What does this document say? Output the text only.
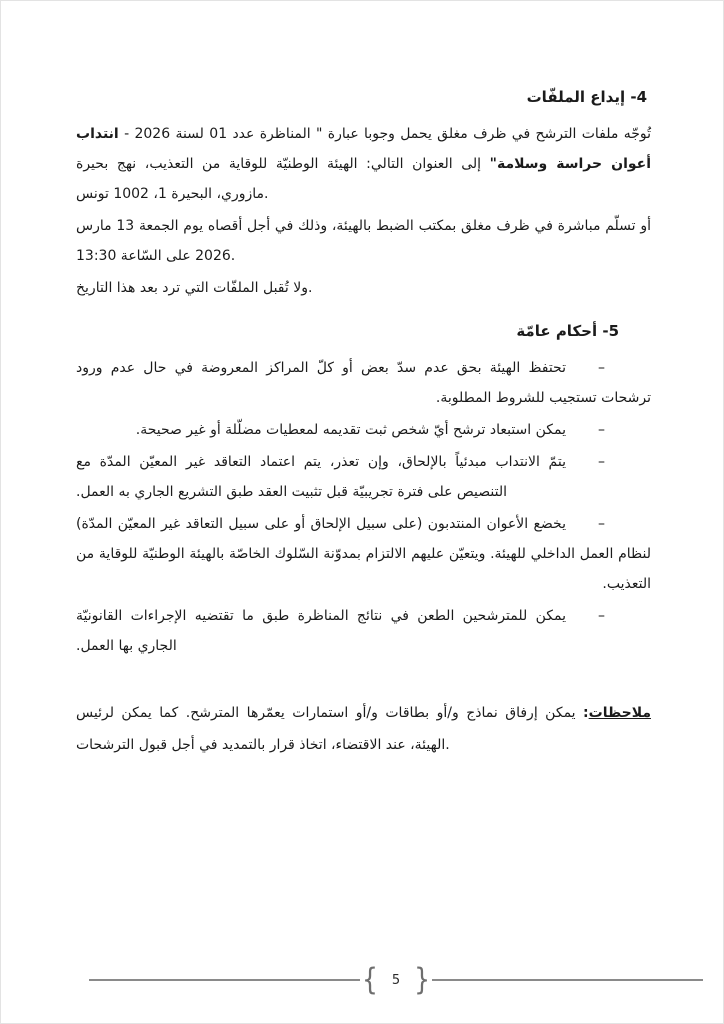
4- إيداع الملفّات

تُوجّه ملفات الترشح في ظرف مغلق يحمل وجوبا عبارة " المناظرة عدد 01 لسنة 2026 - انتداب أعوان حراسة وسلامة" إلى العنوان التالي: الهيئة الوطنيّة للوقاية من التعذيب، نهج بحيرة مازوري، البحيرة 1، 1002 تونس.

أو تسلّم مباشرة في ظرف مغلق بمكتب الضبط بالهيئة، وذلك في أجل أقصاه يوم الجمعة 13 مارس 2026 على السّاعة 13:30.

ولا تُقبل الملفّات التي ترد بعد هذا التاريخ.

5- أحكام عامّة

–تحتفظ الهيئة بحق عدم سدّ بعض أو كلّ المراكز المعروضة في حال عدم ورود ترشحات تستجيب للشروط المطلوبة.

–يمكن استبعاد ترشح أيّ شخص ثبت تقديمه لمعطيات مضلّلة أو غير صحيحة.

–يتمّ الانتداب مبدئياً بالإلحاق، وإن تعذر، يتم اعتماد التعاقد غير المعيّن المدّة مع التنصيص على فترة تجريبيّة قبل تثبيت العقد طبق التشريع الجاري به العمل.

–يخضع الأعوان المنتدبون (على سبيل الإلحاق أو على سبيل التعاقد غير المعيّن المدّة) لنظام العمل الداخلي للهيئة. ويتعيّن عليهم الالتزام بمدوّنة السّلوك الخاصّة بالهيئة الوطنيّة للوقاية من التعذيب.

–يمكن للمترشحين الطعن في نتائج المناظرة طبق ما تقتضيه الإجراءات القانونيّة الجاري بها العمل.

ملاحظات: يمكن إرفاق نماذج و/أو بطاقات و/أو استمارات يعمّرها المترشح. كما يمكن لرئيس الهيئة، عند الاقتضاء، اتخاذ قرار بالتمديد في أجل قبول الترشحات.

{	5 }
